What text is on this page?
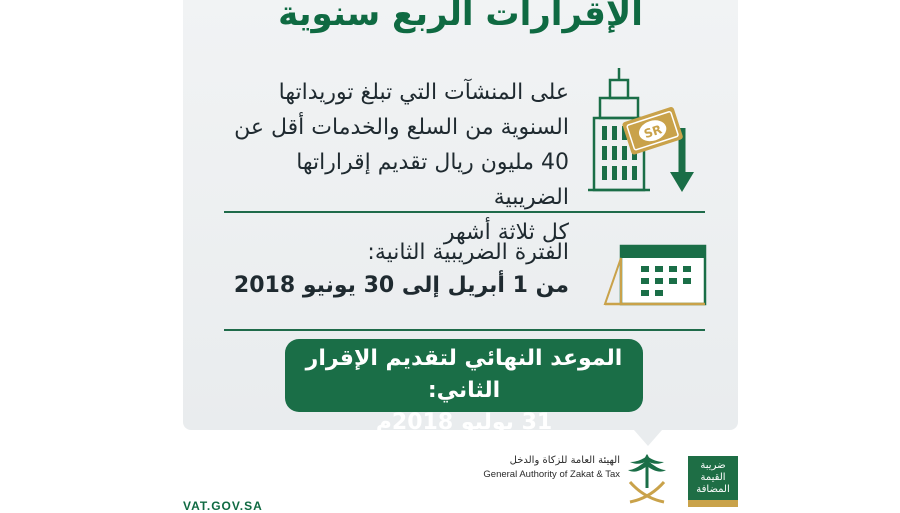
الإقرارات الربع سنوية
على المنشآت التي تبلغ توريداتها
السنوية من السلع والخدمات أقل عن
40 مليون ريال تقديم إقراراتها الضريبية
كل ثلاثة أشهر
SR
الفترة الضريبية الثانية:
من 1 أبريل إلى 30 يونيو 2018
الموعد النهائي لتقديم الإقرار الثاني:
31 يوليو 2018م
VAT.GOV.SA
الهيئة العامة للزكاة والدخل
General Authority of Zakat & Tax
ضريبة
القيمة
المضافة
